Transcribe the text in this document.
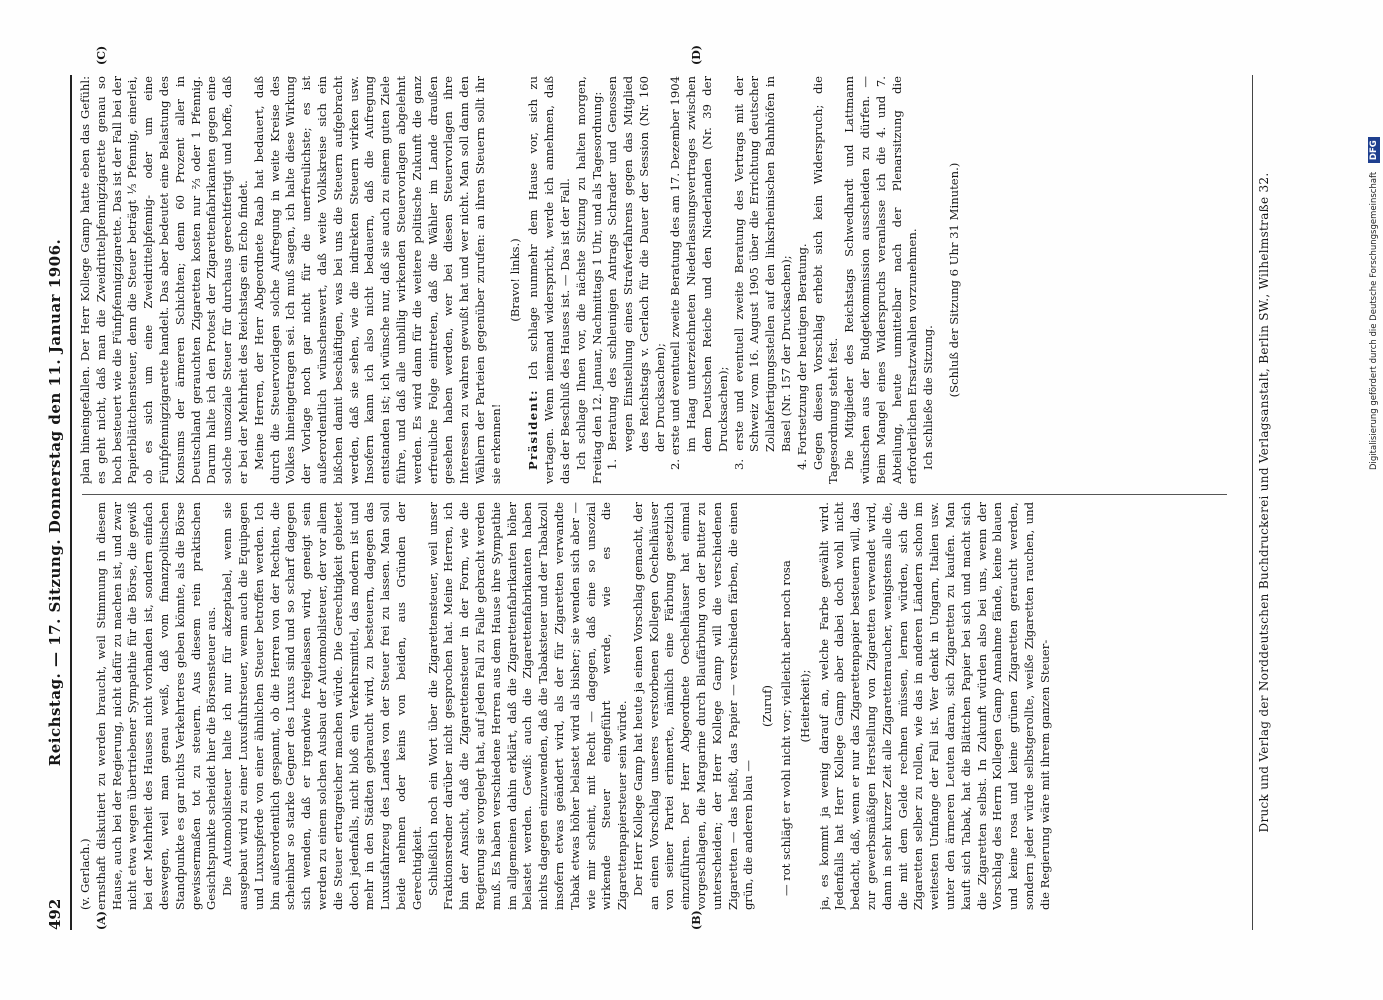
492
Reichstag. — 17. Sitzung. Donnerstag den 11. Januar 1906.
(A)	(B)
(C)	(D)

(v. Gerlach.) ernsthaft diskutiert zu werden braucht, weil Stimmung in diesem Hause, auch bei der Regierung, nicht dafür zu machen ist, und zwar nicht etwa wegen übertriebener Sympathie für die Börse, die gewiß bei der Mehrheit des Hauses nicht vorhanden ist, sondern einfach deswegen, weil man genau weiß, daß vom finanzpolitischen Standpunkte es gar nichts Verkehrteres geben könnte, als die Börse gewissermaßen tot zu steuern. Aus diesem rein praktischen Gesichtspunkte scheidet hier die Börsensteuer aus. Die Automobilsteuer halte ich nur für akzeptabel, wenn sie ausgebaut wird zu einer Luxusfuhrsteuer, wenn auch die Equipagen und Luxuspferde von einer ähnlichen Steuer betroffen werden. Ich bin außerordentlich gespannt, ob die Herren von der Rechten, die scheinbar so starke Gegner des Luxus sind und so scharf dagegen sich wenden, daß er irgendwie freigelassen wird, geneigt sein werden zu einem solchen Ausbau der Automobilsteuer, der vor allem die Steuer ertragreicher machen würde. Die Gerechtigkeit gebietet doch jedenfalls, nicht bloß ein Verkehrsmittel, das modern ist und mehr in den Städten gebraucht wird, zu besteuern, dagegen das Luxusfahrzeug des Landes von der Steuer frei zu lassen. Man soll beide nehmen oder keins von beiden, aus Gründen der Gerechtigkeit. Schließlich noch ein Wort über die Zigarettensteuer, weil unser Fraktionsredner darüber nicht gesprochen hat. Meine Herren, ich bin der Ansicht, daß die Zigarettensteuer in der Form, wie die Regierung sie vorgelegt hat, auf jeden Fall zu Falle gebracht werden muß. Es haben verschiedene Herren aus dem Hause ihre Sympathie im allgemeinen dahin erklärt, daß die Zigarettenfabrikanten höher belastet werden. Gewiß: auch die Zigarettenfabrikanten haben nichts dagegen einzuwenden, daß die Tabaksteuer und der Tabakzoll insofern etwas geändert wird, als der für Zigaretten verwandte Tabak etwas höher belastet wird als bisher; sie wenden sich aber — wie mir scheint, mit Recht — dagegen, daß eine so unsozial wirkende Steuer eingeführt werde, wie es die Zigarettenpapiersteuer sein würde. Der Herr Kollege Gamp hat heute ja einen Vorschlag gemacht, der an einen Vorschlag unseres verstorbenen Kollegen Oechelhäuser von seiner Partei erinnerte, nämlich eine Färbung gesetzlich einzuführen. Der Herr Abgeordnete Oechelhäuser hat einmal vorgeschlagen, die Margarine durch Blaufärbung von der Butter zu unterscheiden; der Herr Kollege Gamp will die verschiedenen Zigaretten — das heißt, das Papier — verschieden färben, die einen grün, die anderen blau —

(Zuruf) — rot schlägt er wohl nicht vor; vielleicht aber noch rosa (Heiterkeit); ja, es kommt ja wenig darauf an, welche Farbe gewählt wird. Jedenfalls hat Herr Kollege Gamp aber dabei doch wohl nicht bedacht, daß, wenn er nur das Zigarettenpapier besteuern will, das zur gewerbsmäßigen Herstellung von Zigaretten verwendet wird, dann in sehr kurzer Zeit alle Zigarettenraucher, wenigstens alle die, die mit dem Gelde rechnen müssen, lernen würden, sich die Zigaretten selber zu rollen, wie das in anderen Ländern schon im weitesten Umfange der Fall ist. Wer denkt in Ungarn, Italien usw. unter den ärmeren Leuten daran, sich Zigaretten zu kaufen. Man kauft sich Tabak, hat die Blättchen Papier bei sich und macht sich die Zigaretten selbst. In Zukunft würden also bei uns, wenn der Vorschlag des Herrn Kollegen Gamp Annahme fände, keine blauen und keine rosa und keine grünen Zigaretten geraucht werden, sondern jeder würde selbstgerollte, weiße Zigaretten rauchen, und die Regierung wäre mit ihrem ganzen Steuer-

plan hineingefallen. Der Herr Kollege Gamp hatte eben das Gefühl: es geht nicht, daß man die Zweidrittelpfennigzigarette genau so hoch besteuert wie die Fünfpfennigzigarette. Das ist der Fall bei der Papierblättchensteuer, denn die Steuer beträgt ⅓ Pfennig, einerlei, ob es sich um eine Zweidrittelpfennig- oder um eine Fünfpfennigzigarette handelt. Das aber bedeutet eine Belastung des Konsums der ärmeren Schichten; denn 60 Prozent aller in Deutschland gerauchten Zigaretten kosten nur ⅔ oder 1 Pfennig. Darum halte ich den Protest der Zigarettenfabrikanten gegen eine solche unsoziale Steuer für durchaus gerechtfertigt und hoffe, daß er bei der Mehrheit des Reichstags ein Echo findet. Meine Herren, der Herr Abgeordnete Raab hat bedauert, daß durch die Steuervorlagen solche Aufregung in weite Kreise des Volkes hineingetragen sei. Ich muß sagen, ich halte diese Wirkung der Vorlage noch gar nicht für die unerfreulichste; es ist außerordentlich wünschenswert, daß weite Volkskreise sich ein bißchen damit beschäftigen, was bei uns die Steuern aufgebracht werden, daß sie sehen, wie die indirekten Steuern wirken usw. Insofern kann ich also nicht bedauern, daß die Aufregung entstanden ist; ich wünsche nur, daß sie auch zu einem guten Ziele führe, und daß alle unbillig wirkenden Steuervorlagen abgelehnt werden. Es wird dann für die weitere politische Zukunft die ganz erfreuliche Folge eintreten, daß die Wähler im Lande draußen gesehen haben werden, wer bei diesen Steuervorlagen ihre Interessen zu wahren gewußt hat und wer nicht. Man soll dann den Wählern der Parteien gegenüber zurufen: an ihren Steuern sollt ihr sie erkennen!

(Bravo! links.)

Präsident: Ich schlage nunmehr dem Hause vor, sich zu vertagen. Wenn niemand widerspricht, werde ich annehmen, daß das der Beschluß des Hauses ist. — Das ist der Fall. Ich schlage Ihnen vor, die nächste Sitzung zu halten morgen, Freitag den 12. Januar, Nachmittags 1 Uhr, und als Tagesordnung: 1. Beratung des schleunigen Antrags Schrader und Genossen wegen Einstellung eines Strafverfahrens gegen das Mitglied des Reichstags v. Gerlach für die Dauer der Session (Nr. 160 der Drucksachen); 2. erste und eventuell zweite Beratung des am 17. Dezember 1904 im Haag unterzeichneten Niederlassungsvertrages zwischen dem Deutschen Reiche und den Niederlanden (Nr. 39 der Drucksachen); 3. erste und eventuell zweite Beratung des Vertrags mit der Schweiz vom 16. August 1905 über die Errichtung deutscher Zollabfertigungsstellen auf den linksrheinischen Bahnhöfen in Basel (Nr. 157 der Drucksachen); 4. Fortsetzung der heutigen Beratung. Gegen diesen Vorschlag erhebt sich kein Widerspruch; die Tagesordnung steht fest. Die Mitglieder des Reichstags Schwedhardt und Lattmann wünschen aus der Budgetkommission ausscheiden zu dürfen. — Beim Mangel eines Widerspruchs veranlasse ich die 4. und 7. Abteilung, heute unmittelbar nach der Plenarsitzung die erforderlichen Ersatzwahlen vorzunehmen. Ich schließe die Sitzung.

(Schluß der Sitzung 6 Uhr 31 Minuten.)	Druck und Verlag der Norddeutschen Buchdruckerei und Verlagsanstalt, Berlin SW., Wilhelmstraße 32.	Digitalisierung gefördert durch die Deutsche Forschungsgemeinschaft DFG
